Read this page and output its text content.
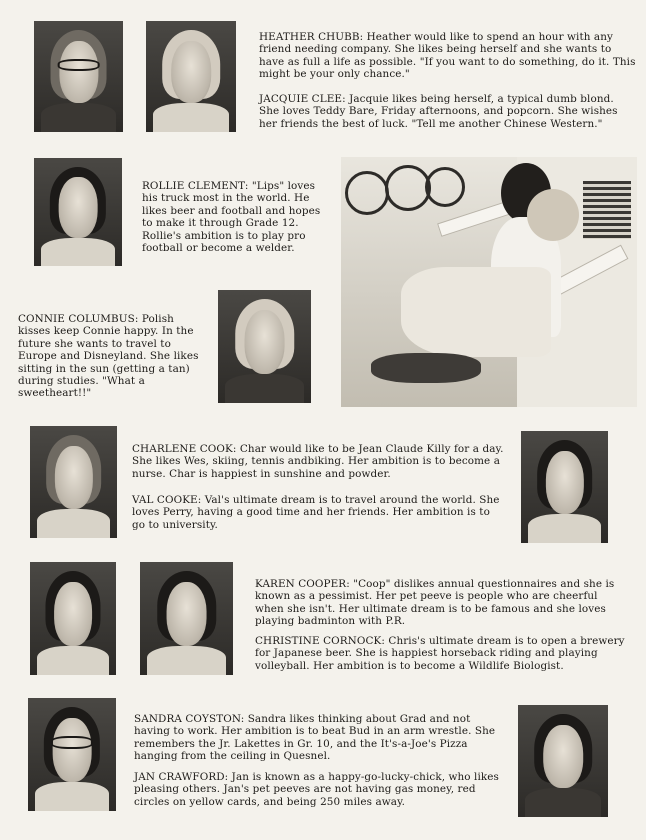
HEATHER CHUBB: Heather would like to spend an hour with any friend needing company. She likes being herself and she wants to have as full a life as possible. "If you want to do something, do it. This might be your only chance."

JACQUIE CLEE: Jacquie likes being herself, a typical dumb blond. She loves Teddy Bare, Friday afternoons, and popcorn. She wishes her friends the best of luck. "Tell me another Chinese Western."

ROLLIE CLEMENT: "Lips" loves his truck most in the world. He likes beer and football and hopes to make it through Grade 12. Rollie's ambition is to play pro football or become a welder.

CONNIE COLUMBUS: Polish kisses keep Connie happy. In the future she wants to travel to Europe and Disneyland. She likes sitting in the sun (getting a tan) during studies. "What a sweetheart!!"

CHARLENE COOK: Char would like to be Jean Claude Killy for a day. She likes Wes, skiing, tennis andbiking. Her ambition is to become a nurse. Char is happiest in sunshine and powder.

VAL COOKE: Val's ultimate dream is to travel around the world. She loves Perry, having a good time and her friends. Her ambition is to go to university.

KAREN COOPER: "Coop" dislikes annual questionnaires and she is known as a pessimist. Her pet peeve is people who are cheerful when she isn't. Her ultimate dream is to be famous and she loves playing badminton with P.R.

CHRISTINE CORNOCK: Chris's ultimate dream is to open a brewery for Japanese beer. She is happiest horseback riding and playing volleyball. Her ambition is to become a Wildlife Biologist.

SANDRA COYSTON: Sandra likes thinking about Grad and not having to work. Her ambition is to beat Bud in an arm wrestle. She remembers the Jr. Lakettes in Gr. 10, and the It's-a-Joe's Pizza hanging from the ceiling in Quesnel.

JAN CRAWFORD: Jan is known as a happy-go-lucky-chick, who likes pleasing others. Jan's pet peeves are not having gas money, red circles on yellow cards, and being 250 miles away.
